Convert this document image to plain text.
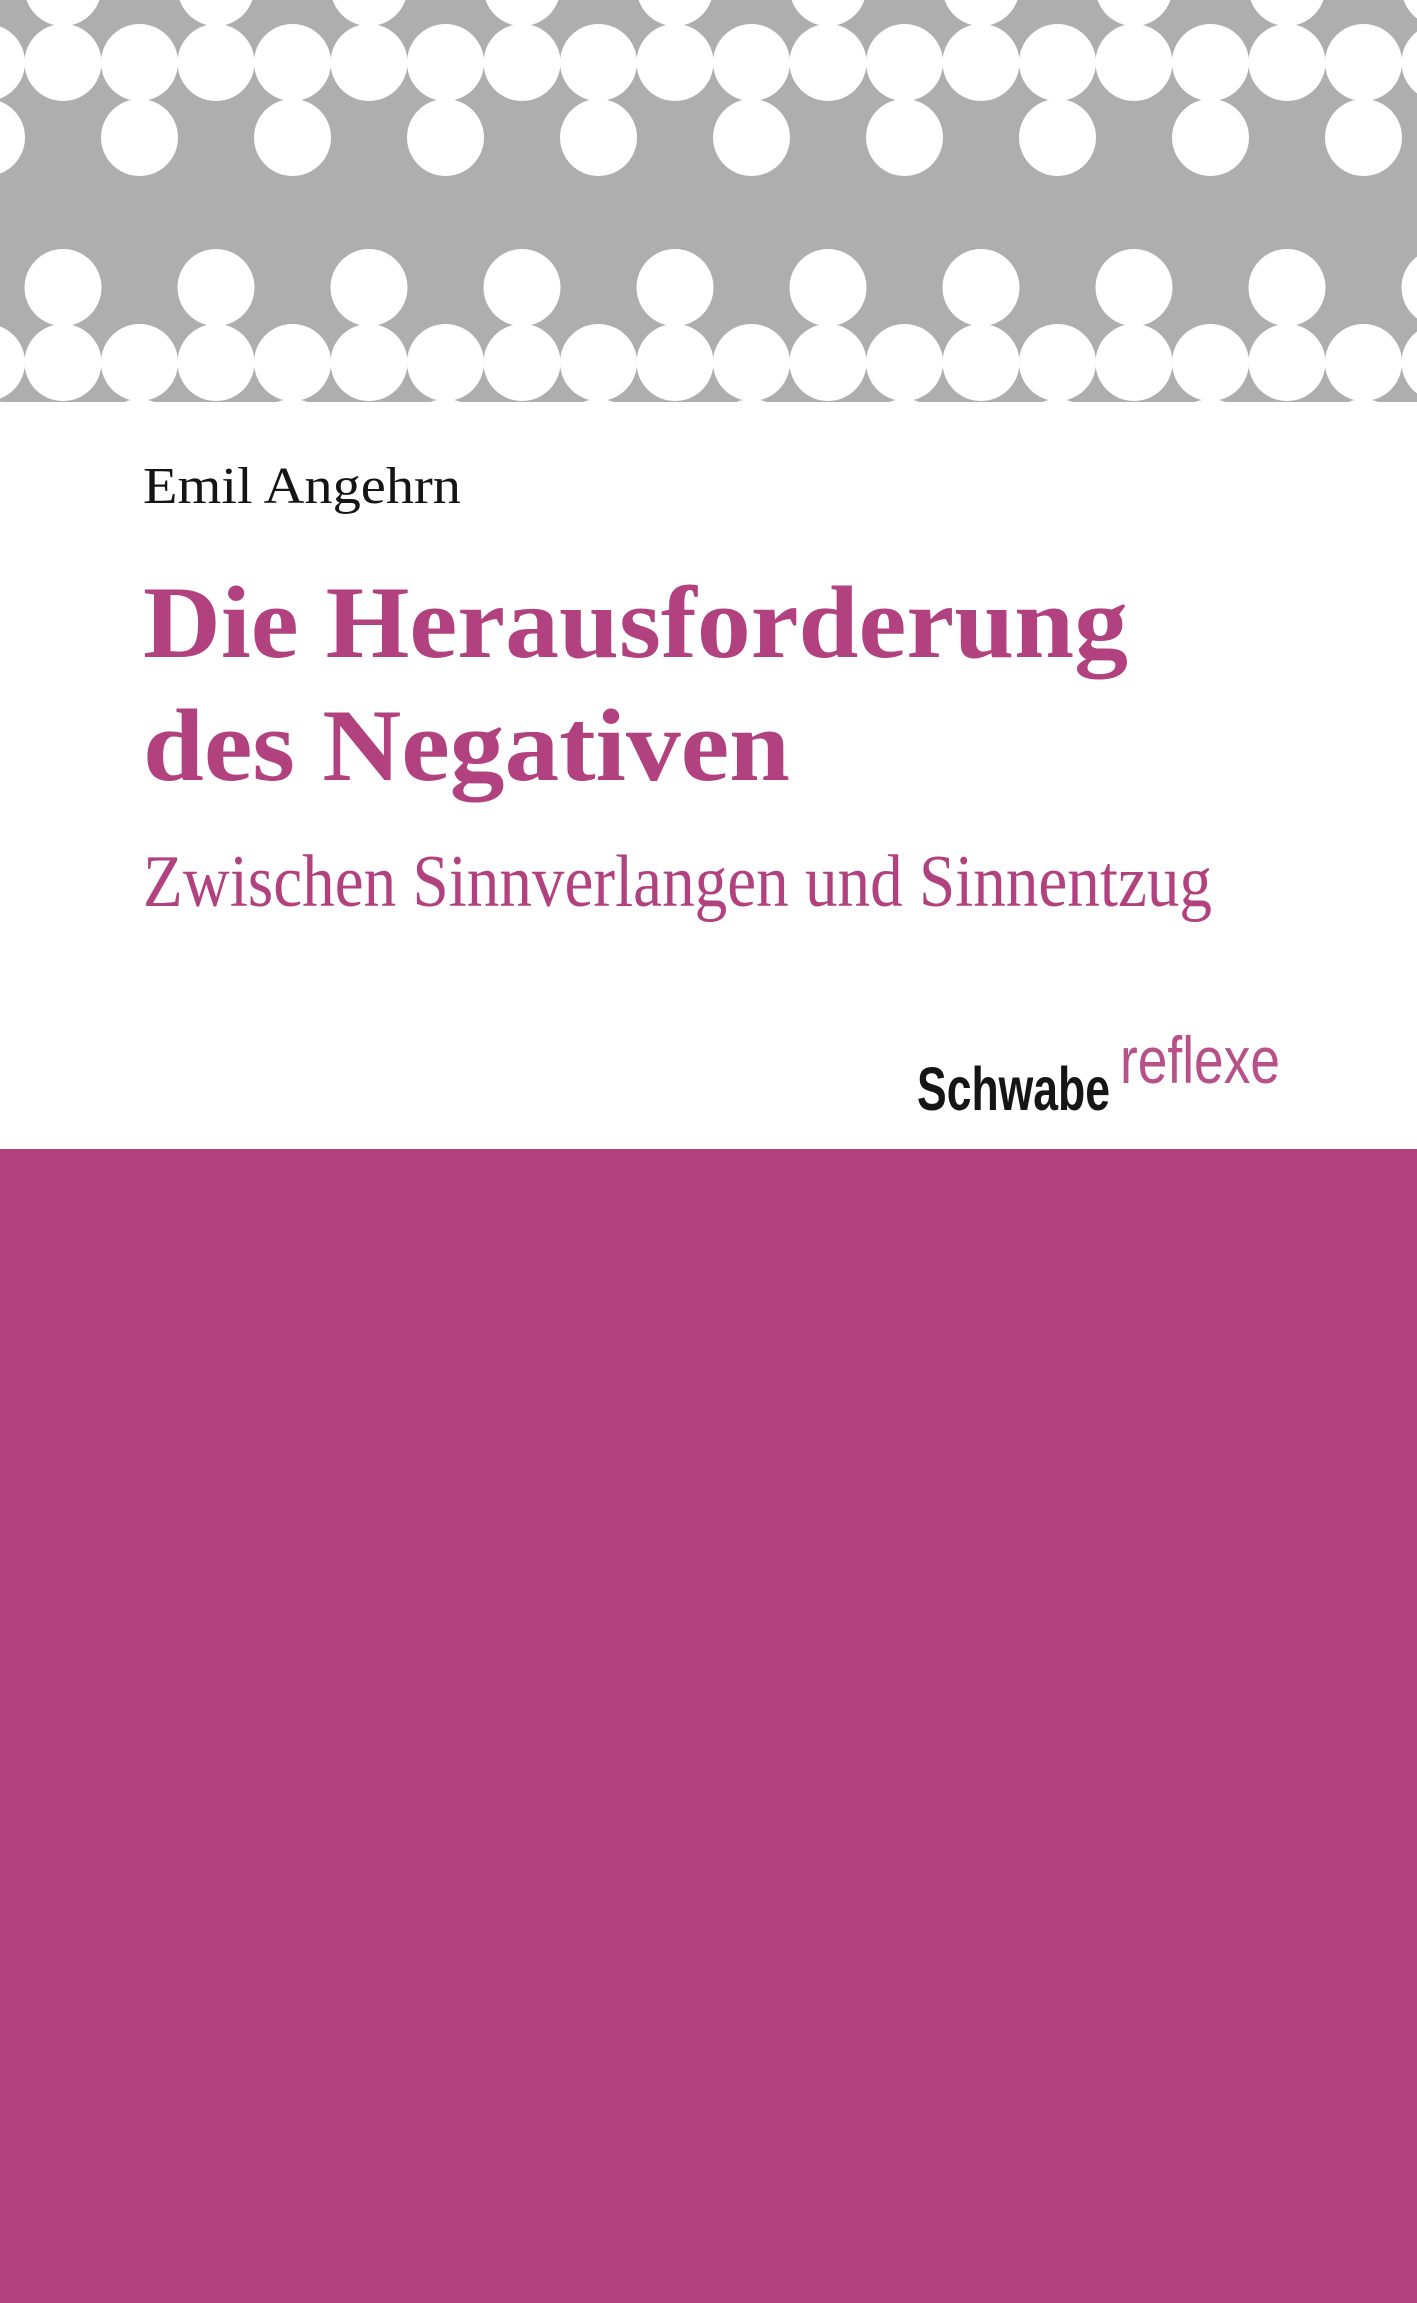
Emil Angehrn
Die Herausforderung
des Negativen
Zwischen Sinnverlangen und Sinnentzug
Schwabe reflexe
